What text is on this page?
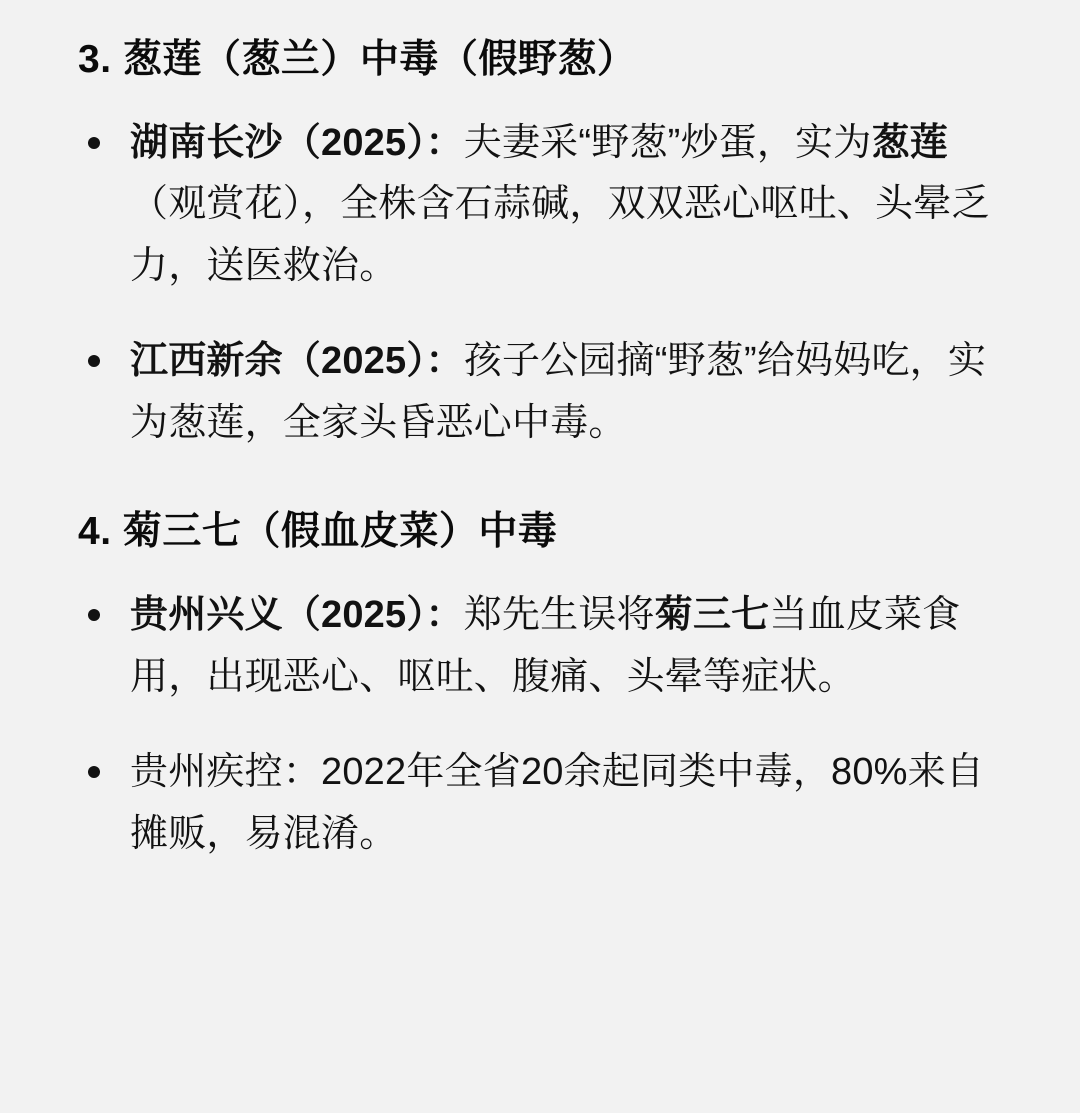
3. 葱莲（葱兰）中毒（假野葱）
湖南长沙（2025）：夫妻采“野葱”炒蛋，实为葱莲（观赏花），全株含石蒜碱，双双恶心呕吐、头晕乏力，送医救治。
江西新余（2025）：孩子公园摘“野葱”给妈妈吃，实为葱莲，全家头昏恶心中毒。
4. 菊三七（假血皮菜）中毒
贵州兴义（2025）：郑先生误将菊三七当血皮菜食用，出现恶心、呕吐、腹痛、头晕等症状。
贵州疾控：2022年全省20余起同类中毒，80%来自摊贩，易混淆。
